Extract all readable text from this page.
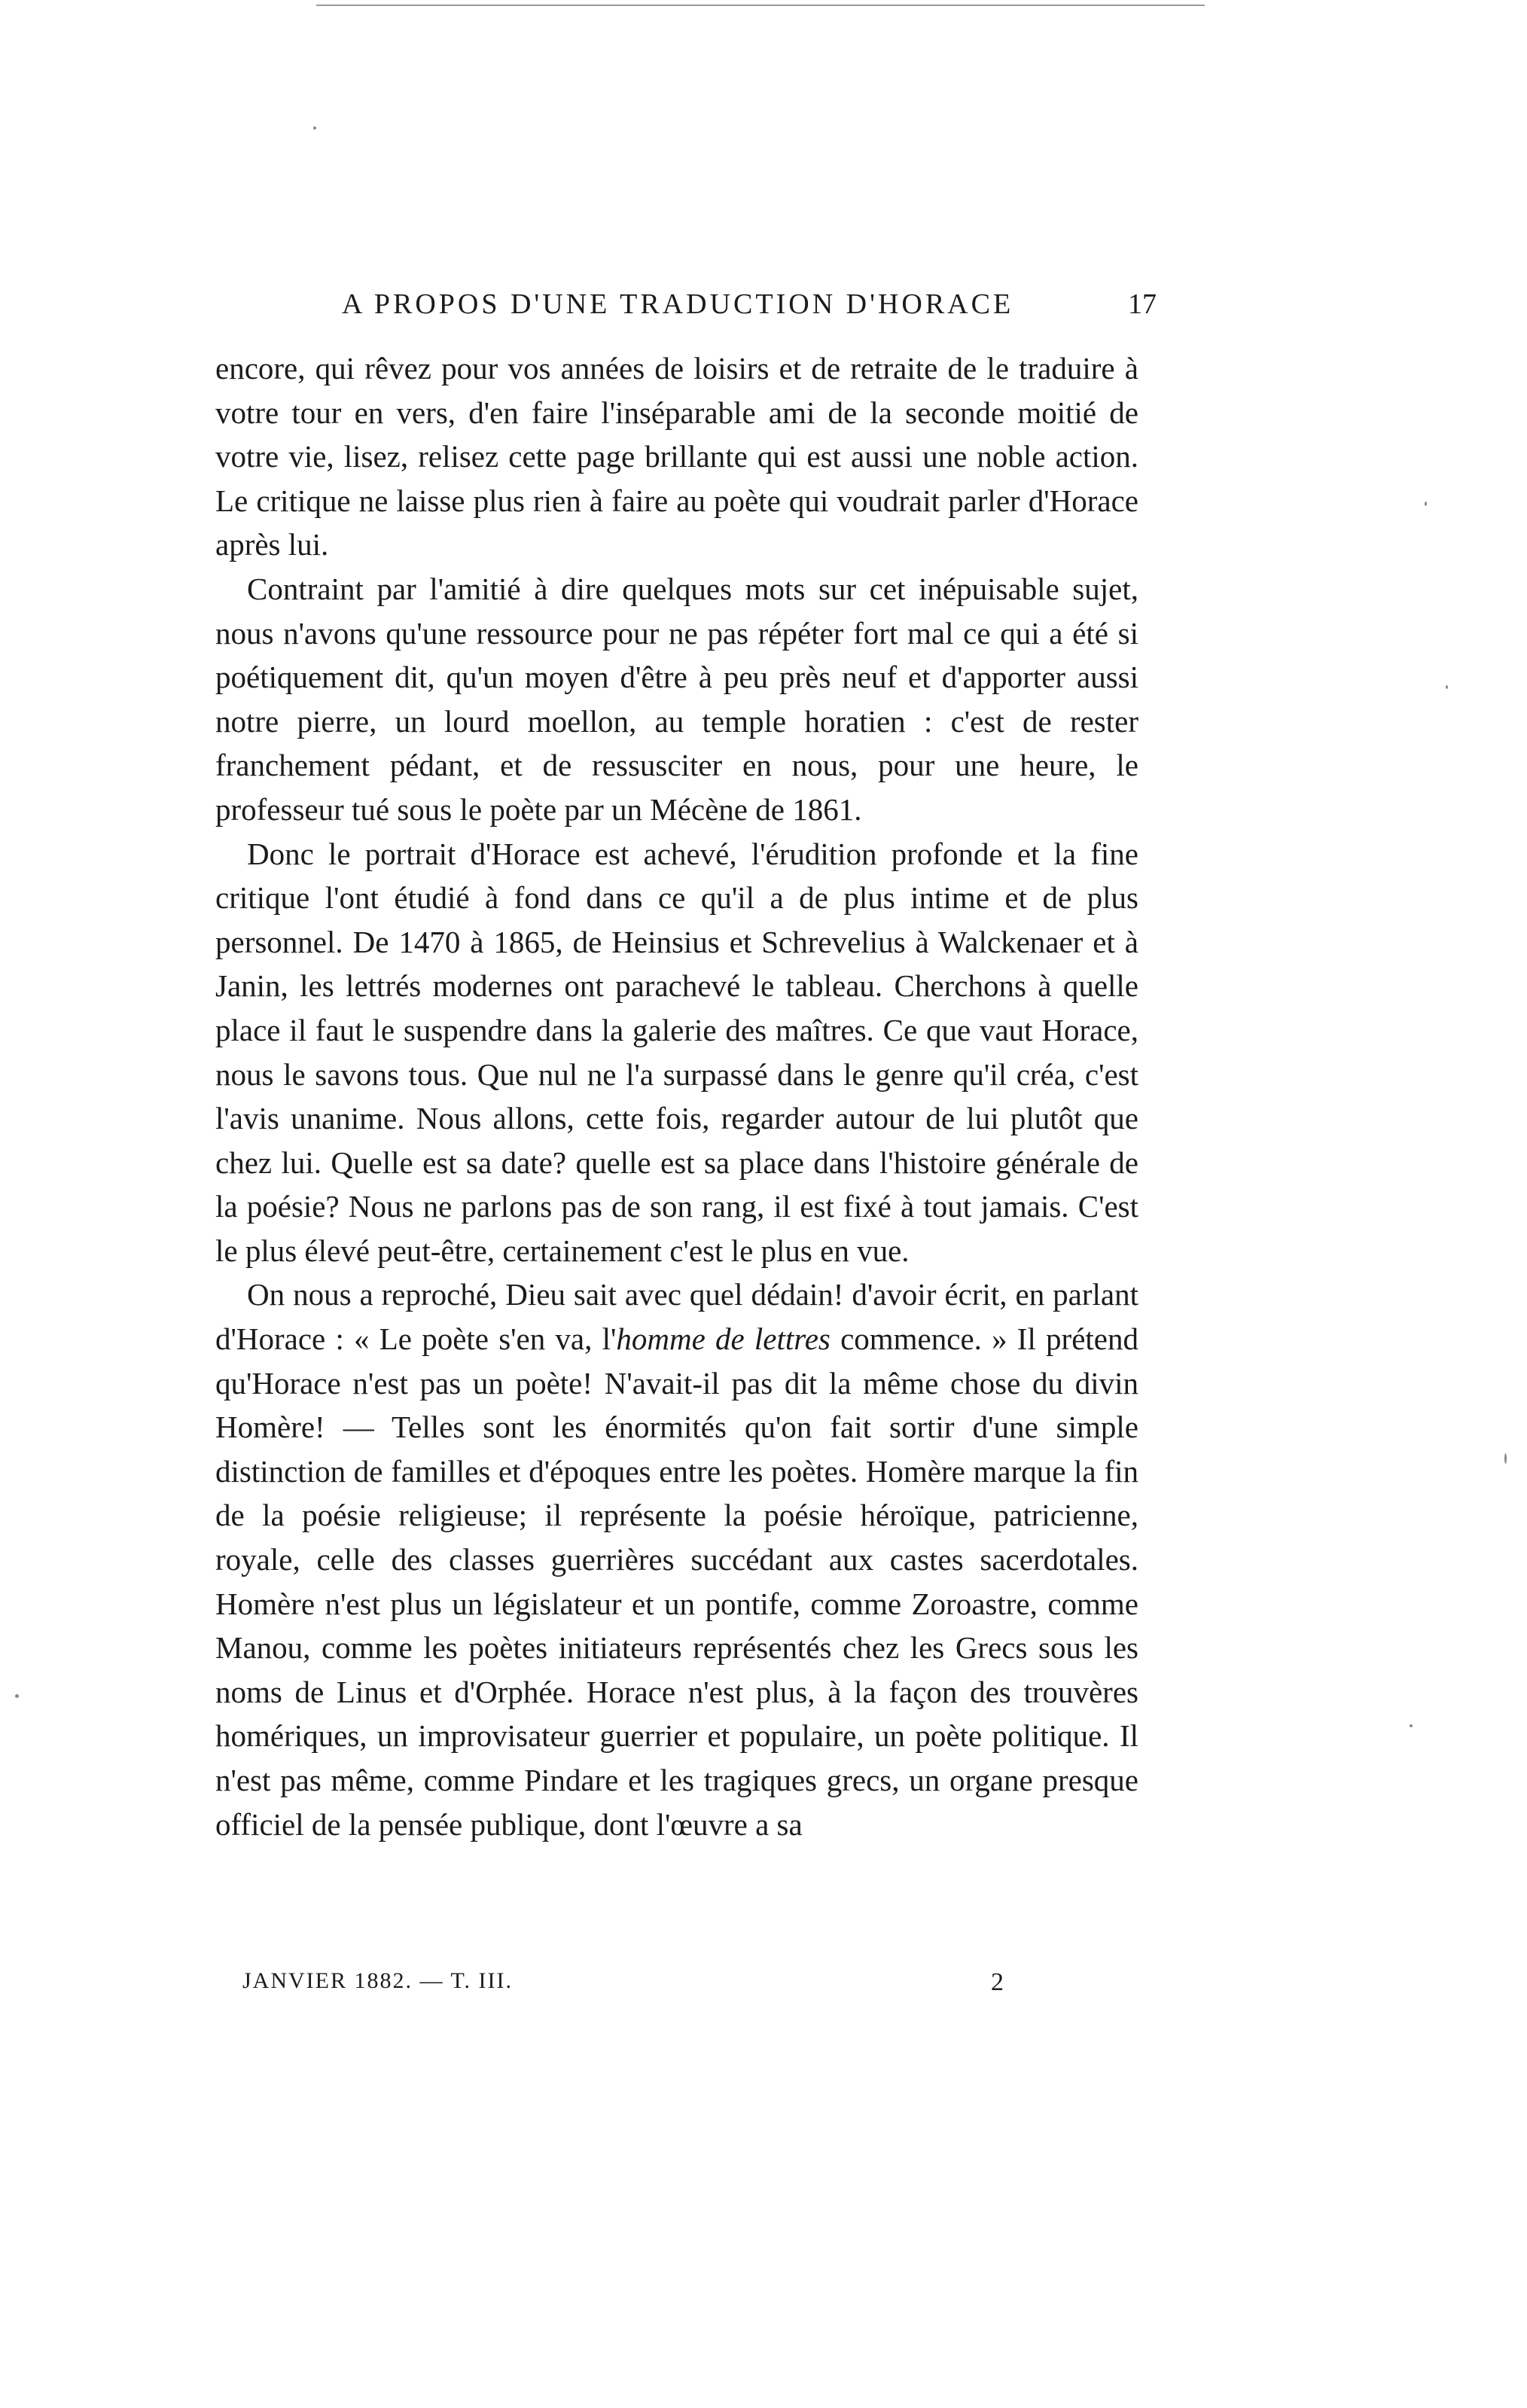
A PROPOS D'UNE TRADUCTION D'HORACE	17

encore, qui rêvez pour vos années de loisirs et de retraite de le traduire à votre tour en vers, d'en faire l'inséparable ami de la seconde moitié de votre vie, lisez, relisez cette page brillante qui est aussi une noble action. Le critique ne laisse plus rien à faire au poète qui voudrait parler d'Horace après lui.

Contraint par l'amitié à dire quelques mots sur cet inépuisable sujet, nous n'avons qu'une ressource pour ne pas répéter fort mal ce qui a été si poétiquement dit, qu'un moyen d'être à peu près neuf et d'apporter aussi notre pierre, un lourd moellon, au temple horatien : c'est de rester franchement pédant, et de ressusciter en nous, pour une heure, le professeur tué sous le poète par un Mécène de 1861.

Donc le portrait d'Horace est achevé, l'érudition profonde et la fine critique l'ont étudié à fond dans ce qu'il a de plus intime et de plus personnel. De 1470 à 1865, de Heinsius et Schrevelius à Walckenaer et à Janin, les lettrés modernes ont parachevé le tableau. Cherchons à quelle place il faut le suspendre dans la galerie des maîtres. Ce que vaut Horace, nous le savons tous. Que nul ne l'a surpassé dans le genre qu'il créa, c'est l'avis unanime. Nous allons, cette fois, regarder autour de lui plutôt que chez lui. Quelle est sa date? quelle est sa place dans l'histoire générale de la poésie? Nous ne parlons pas de son rang, il est fixé à tout jamais. C'est le plus élevé peut-être, certainement c'est le plus en vue.

On nous a reproché, Dieu sait avec quel dédain! d'avoir écrit, en parlant d'Horace : « Le poète s'en va, l'homme de lettres commence. » Il prétend qu'Horace n'est pas un poète! N'avait-il pas dit la même chose du divin Homère! — Telles sont les énormités qu'on fait sortir d'une simple distinction de familles et d'époques entre les poètes. Homère marque la fin de la poésie religieuse; il représente la poésie héroïque, patricienne, royale, celle des classes guerrières succédant aux castes sacerdotales. Homère n'est plus un législateur et un pontife, comme Zoroastre, comme Manou, comme les poètes initiateurs représentés chez les Grecs sous les noms de Linus et d'Orphée. Horace n'est plus, à la façon des trouvères homériques, un improvisateur guerrier et populaire, un poète politique. Il n'est pas même, comme Pindare et les tragiques grecs, un organe presque officiel de la pensée publique, dont l'œuvre a sa

JANVIER 1882. — T. III.	2
